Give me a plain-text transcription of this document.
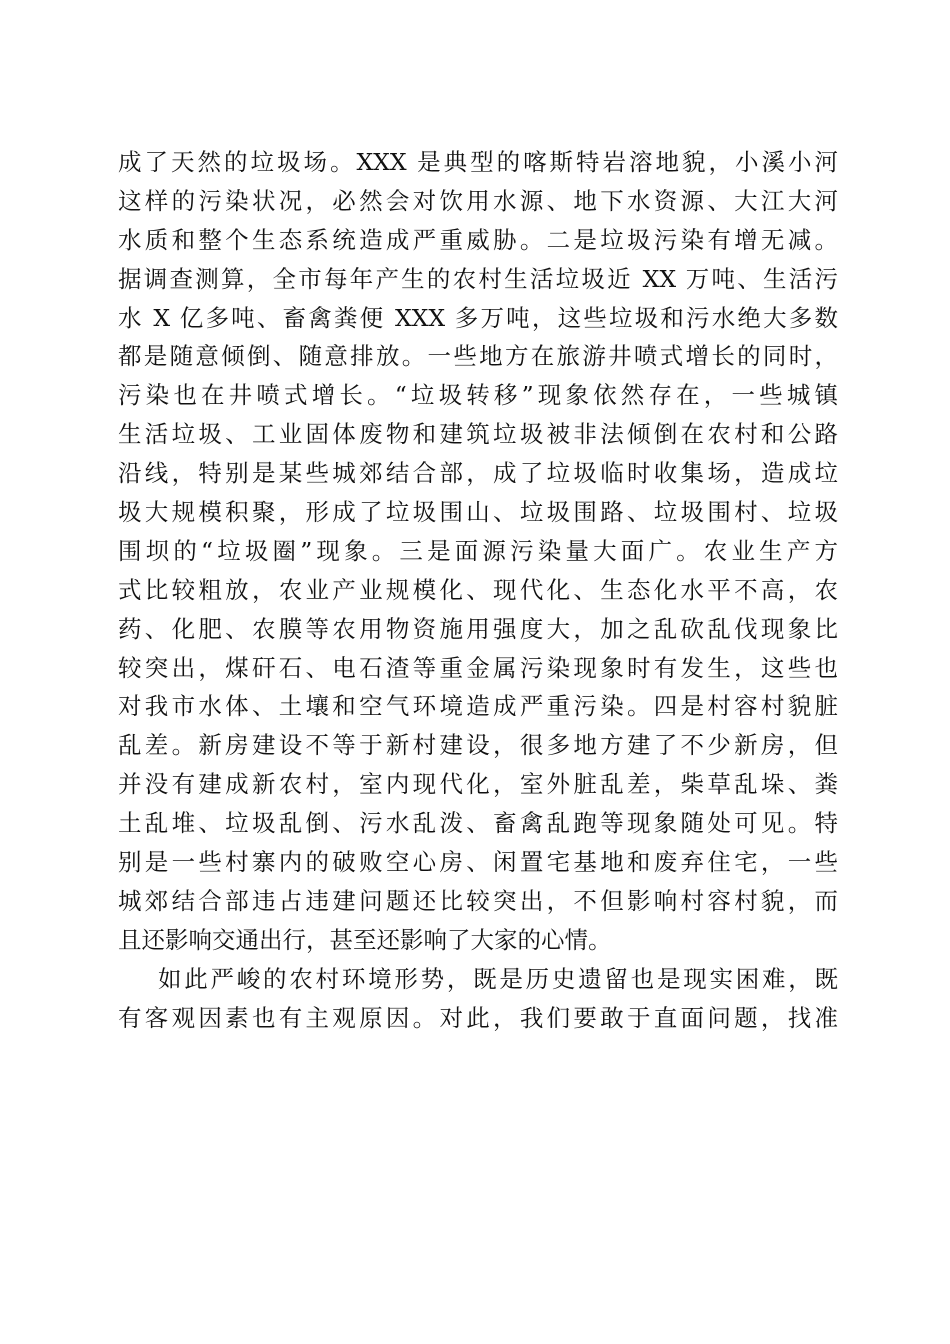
成了天然的垃圾场。XXX 是典型的喀斯特岩溶地貌，小溪小河
这样的污染状况，必然会对饮用水源、地下水资源、大江大河
水质和整个生态系统造成严重威胁。二是垃圾污染有增无减。
据调查测算，全市每年产生的农村生活垃圾近 XX 万吨、生活污
水 X 亿多吨、畜禽粪便 XXX 多万吨，这些垃圾和污水绝大多数
都是随意倾倒、随意排放。一些地方在旅游井喷式增长的同时，
污染也在井喷式增长。“垃圾转移”现象依然存在，一些城镇
生活垃圾、工业固体废物和建筑垃圾被非法倾倒在农村和公路
沿线，特别是某些城郊结合部，成了垃圾临时收集场，造成垃
圾大规模积聚，形成了垃圾围山、垃圾围路、垃圾围村、垃圾
围坝的“垃圾圈”现象。三是面源污染量大面广。农业生产方
式比较粗放，农业产业规模化、现代化、生态化水平不高，农
药、化肥、农膜等农用物资施用强度大，加之乱砍乱伐现象比
较突出，煤矸石、电石渣等重金属污染现象时有发生，这些也
对我市水体、土壤和空气环境造成严重污染。四是村容村貌脏
乱差。新房建设不等于新村建设，很多地方建了不少新房，但
并没有建成新农村，室内现代化，室外脏乱差，柴草乱垛、粪
土乱堆、垃圾乱倒、污水乱泼、畜禽乱跑等现象随处可见。特
别是一些村寨内的破败空心房、闲置宅基地和废弃住宅，一些
城郊结合部违占违建问题还比较突出，不但影响村容村貌，而
且还影响交通出行，甚至还影响了大家的心情。
如此严峻的农村环境形势，既是历史遗留也是现实困难，既
有客观因素也有主观原因。对此，我们要敢于直面问题，找准
